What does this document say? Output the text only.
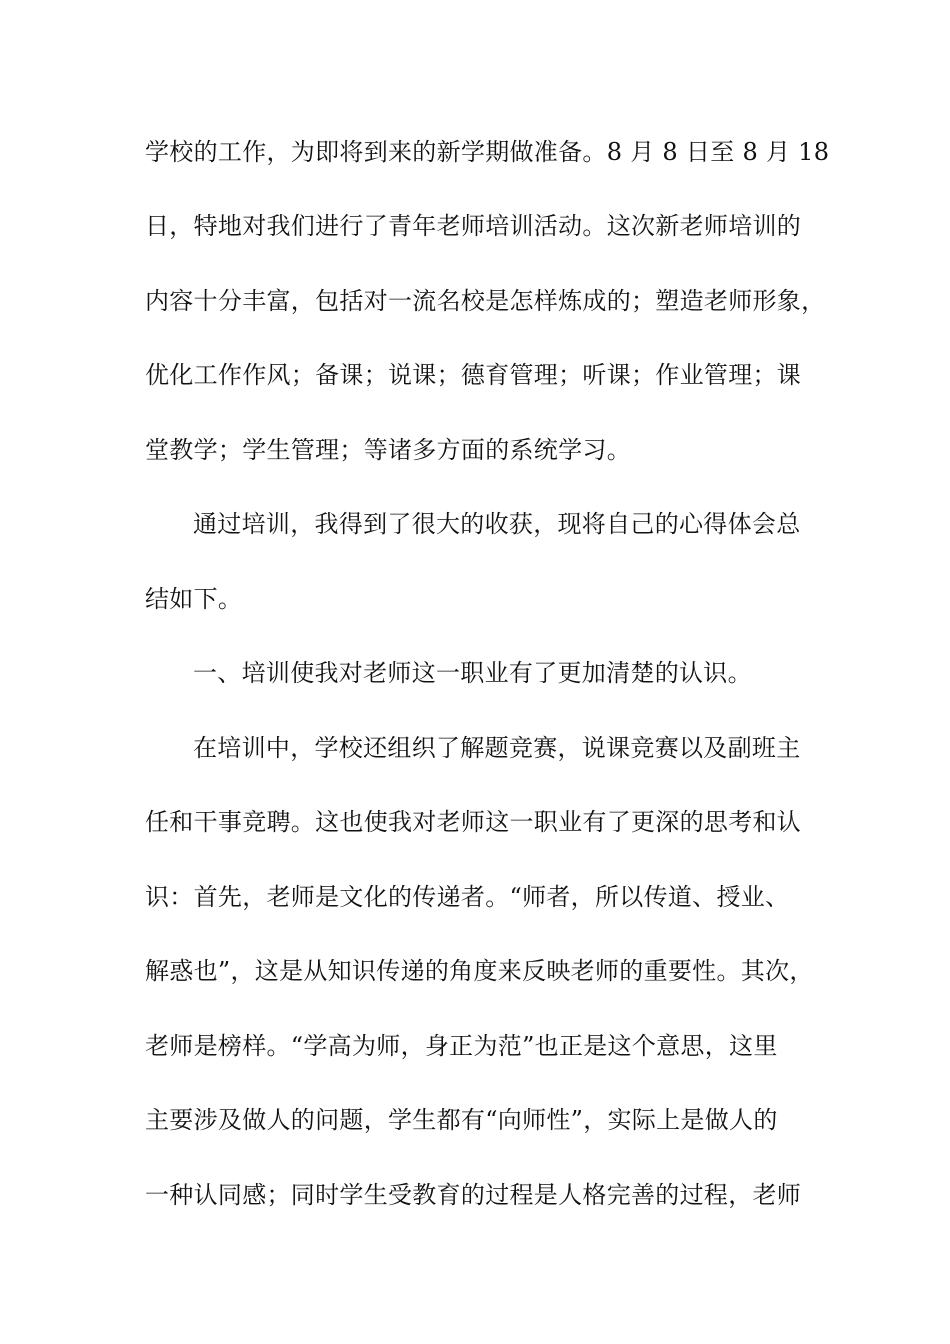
学校的工作，为即将到来的新学期做准备。8 月 8 日至 8 月 18
日，特地对我们进行了青年老师培训活动。这次新老师培训的
内容十分丰富，包括对一流名校是怎样炼成的；塑造老师形象，
优化工作作风；备课；说课；德育管理；听课；作业管理；课
堂教学；学生管理；等诸多方面的系统学习。
通过培训，我得到了很大的收获，现将自己的心得体会总
结如下。
一、培训使我对老师这一职业有了更加清楚的认识。
在培训中，学校还组织了解题竞赛，说课竞赛以及副班主
任和干事竞聘。这也使我对老师这一职业有了更深的思考和认
识：首先，老师是文化的传递者。“师者，所以传道、授业、
解惑也”，这是从知识传递的角度来反映老师的重要性。其次，
老师是榜样。“学高为师，身正为范”也正是这个意思，这里
主要涉及做人的问题，学生都有“向师性”，实际上是做人的
一种认同感；同时学生受教育的过程是人格完善的过程，老师
